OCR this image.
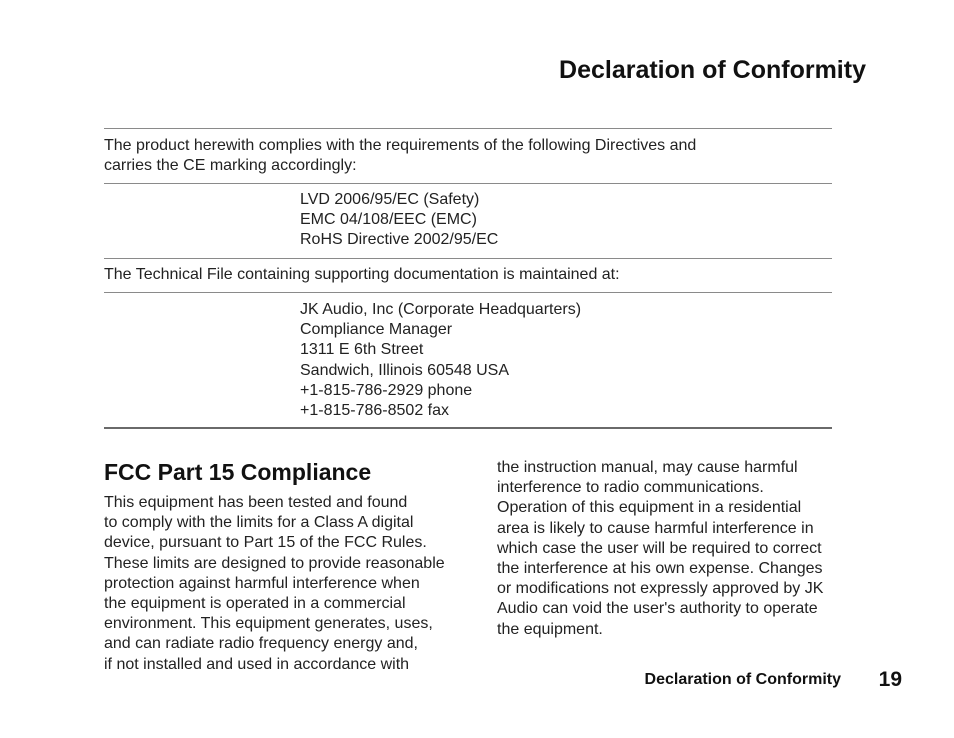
Declaration of Conformity
The product herewith complies with the requirements of the following Directives and
carries the CE marking accordingly:
LVD 2006/95/EC (Safety)
EMC 04/108/EEC (EMC)
RoHS Directive 2002/95/EC
The Technical File containing supporting documentation is maintained at:
JK Audio, Inc (Corporate Headquarters)
Compliance Manager
1311 E 6th Street
Sandwich, Illinois 60548 USA
+1-815-786-2929 phone
+1-815-786-8502 fax
FCC Part 15 Compliance
This equipment has been tested and found
to comply with the limits for a Class A digital
device, pursuant to Part 15 of the FCC Rules.
These limits are designed to provide reasonable
protection against harmful interference when
the equipment is operated in a commercial
environment. This equipment generates, uses,
and can radiate radio frequency energy and,
if not installed and used in accordance with
the instruction manual, may cause harmful
interference to radio communications.
Operation of this equipment in a residential
area is likely to cause harmful interference in
which case the user will be required to correct
the interference at his own expense. Changes
or modifications not expressly approved by JK
Audio can void the user's authority to operate
the equipment.
Declaration of Conformity	19
